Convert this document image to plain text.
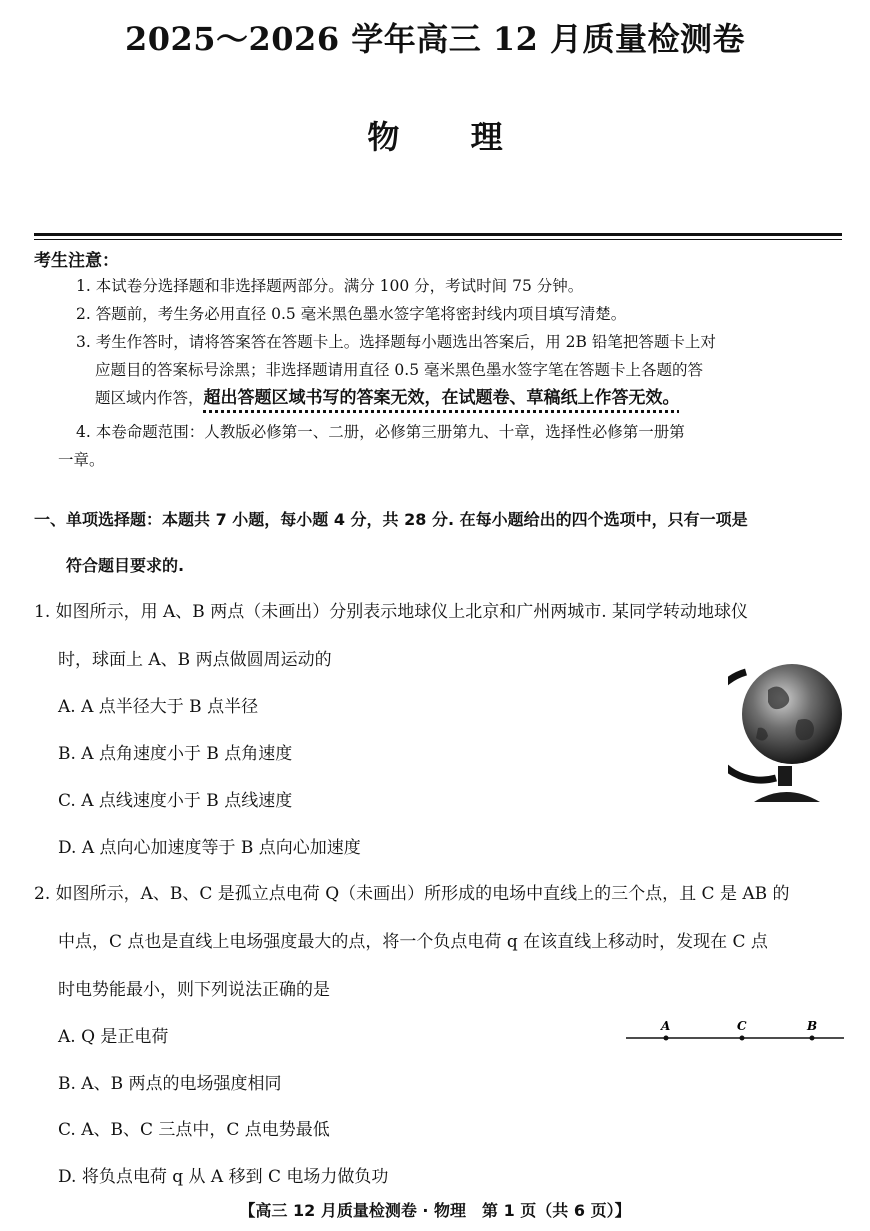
2025～2026 学年高三 12 月质量检测卷
物 理
考生注意：
1. 本试卷分选择题和非选择题两部分。满分 100 分，考试时间 75 分钟。
2. 答题前，考生务必用直径 0.5 毫米黑色墨水签字笔将密封线内项目填写清楚。
3. 考生作答时，请将答案答在答题卡上。选择题每小题选出答案后，用 2B 铅笔把答题卡上对
应题目的答案标号涂黑；非选择题请用直径 0.5 毫米黑色墨水签字笔在答题卡上各题的答
题区域内作答，超出答题区域书写的答案无效，在试题卷、草稿纸上作答无效。
4. 本卷命题范围：人教版必修第一、二册，必修第三册第九、十章，选择性必修第一册第
一章。
一、单项选择题：本题共 7 小题，每小题 4 分，共 28 分. 在每小题给出的四个选项中，只有一项是
符合题目要求的.
1. 如图所示，用 A、B 两点（未画出）分别表示地球仪上北京和广州两城市. 某同学转动地球仪
时，球面上 A、B 两点做圆周运动的
A. A 点半径大于 B 点半径
B. A 点角速度小于 B 点角速度
C. A 点线速度小于 B 点线速度
D. A 点向心加速度等于 B 点向心加速度
2. 如图所示，A、B、C 是孤立点电荷 Q（未画出）所形成的电场中直线上的三个点，且 C 是 AB 的
中点，C 点也是直线上电场强度最大的点，将一个负点电荷 q 在该直线上移动时，发现在 C 点
时电势能最小，则下列说法正确的是
A. Q 是正电荷
B. A、B 两点的电场强度相同
C. A、B、C 三点中，C 点电势最低
D. 将负点电荷 q 从 A 移到 C 电场力做负功
A	C	B
【高三 12 月质量检测卷 · 物理　第 1 页（共 6 页）】
